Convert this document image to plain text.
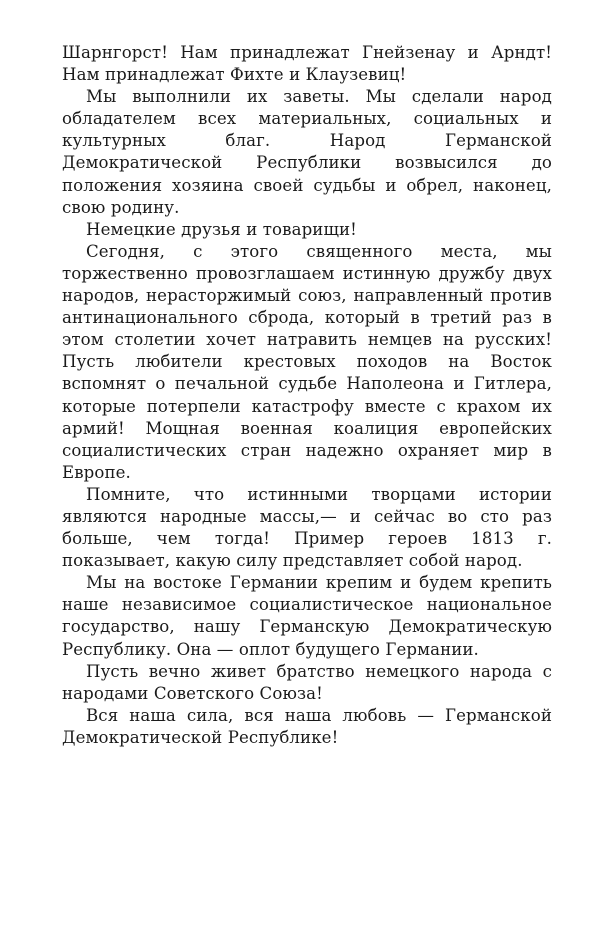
Шарнгорст! Нам принадлежат Гнейзенау и Арндт! Нам принадлежат Фихте и Клаузевиц!

Мы выполнили их заветы. Мы сделали народ обладателем всех материальных, социальных и культурных благ. Народ Германской Демократической Республики возвысился до положения хозяина своей судьбы и обрел, наконец, свою родину.

Немецкие друзья и товарищи!

Сегодня, с этого священного места, мы торжественно провозглашаем истинную дружбу двух народов, нерасторжимый союз, направленный против антинационального сброда, который в третий раз в этом столетии хочет натравить немцев на русских! Пусть любители крестовых походов на Восток вспомнят о печальной судьбе Наполеона и Гитлера, которые потерпели катастрофу вместе с крахом их армий! Мощная военная коалиция европейских социалистических стран надежно охраняет мир в Европе.

Помните, что истинными творцами истории являются народные массы,— и сейчас во сто раз больше, чем тогда! Пример героев 1813 г. показывает, какую силу представляет собой народ.

Мы на востоке Германии крепим и будем крепить наше независимое социалистическое национальное государство, нашу Германскую Демократическую Республику. Она — оплот будущего Германии.

Пусть вечно живет братство немецкого народа с народами Советского Союза!

Вся наша сила, вся наша любовь — Германской Демократической Республике!
